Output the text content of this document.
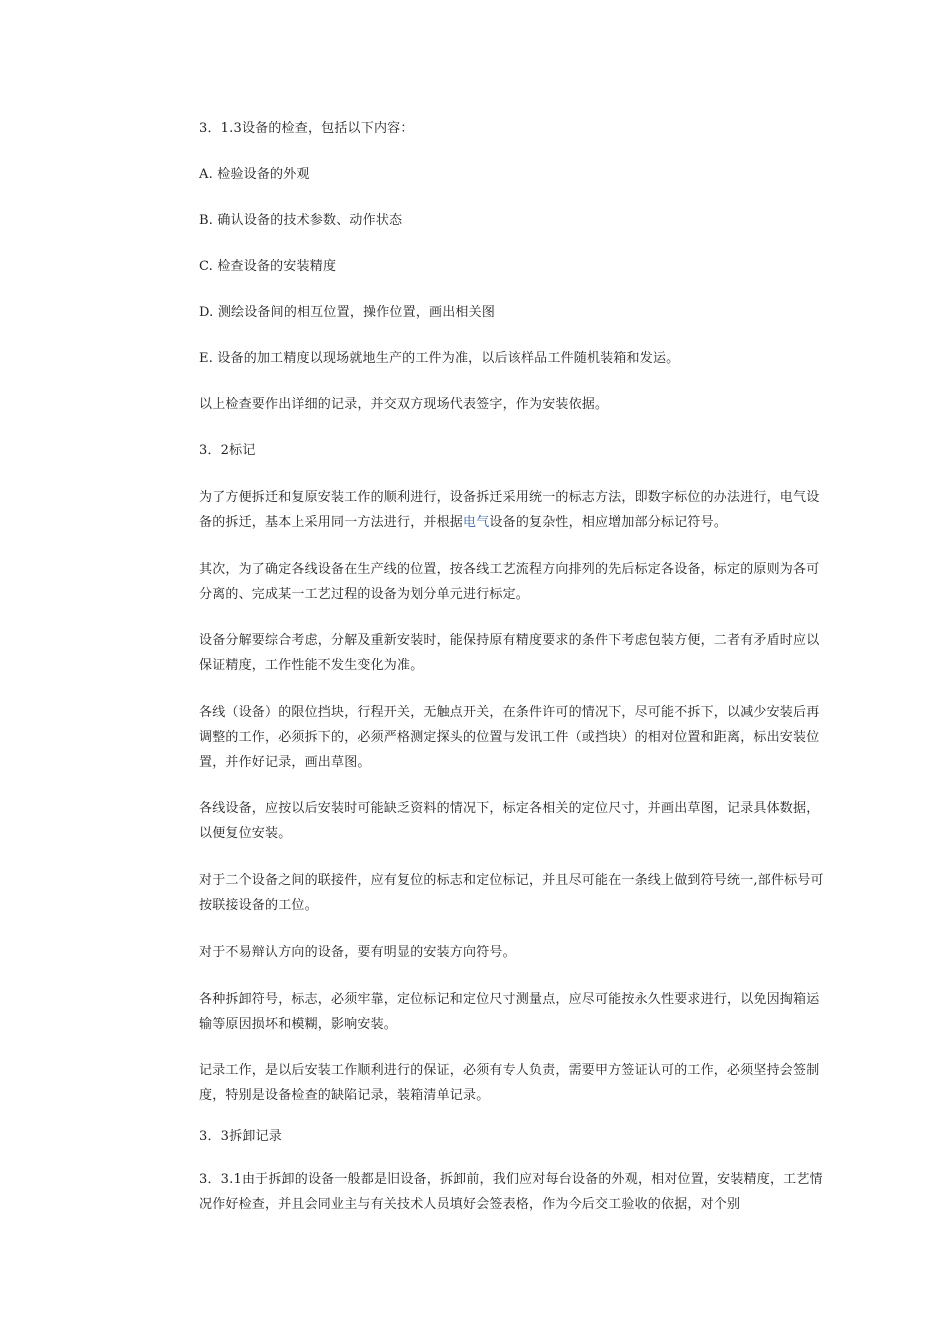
3．1.3设备的检查，包括以下内容：
A. 检验设备的外观
B. 确认设备的技术参数、动作状态
C. 检查设备的安装精度
D. 测绘设备间的相互位置，操作位置，画出相关图
E. 设备的加工精度以现场就地生产的工件为准，以后该样品工件随机装箱和发运。
以上检查要作出详细的记录，并交双方现场代表签字，作为安装依据。
3．2标记
为了方便拆迁和复原安装工作的顺利进行，设备拆迁采用统一的标志方法，即数字标位的办法进行，电气设备的拆迁，基本上采用同一方法进行，并根据电气设备的复杂性，相应增加部分标记符号。
其次，为了确定各线设备在生产线的位置，按各线工艺流程方向排列的先后标定各设备，标定的原则为各可分离的、完成某一工艺过程的设备为划分单元进行标定。
设备分解要综合考虑，分解及重新安装时，能保持原有精度要求的条件下考虑包装方便，二者有矛盾时应以保证精度，工作性能不发生变化为准。
各线（设备）的限位挡块，行程开关，无触点开关，在条件许可的情况下，尽可能不拆下，以减少安装后再调整的工作，必须拆下的，必须严格测定探头的位置与发讯工件（或挡块）的相对位置和距离，标出安装位置，并作好记录，画出草图。
各线设备，应按以后安装时可能缺乏资料的情况下，标定各相关的定位尺寸，并画出草图，记录具体数据，以便复位安装。
对于二个设备之间的联接件，应有复位的标志和定位标记，并且尽可能在一条线上做到符号统一,部件标号可按联接设备的工位。
对于不易辩认方向的设备，要有明显的安装方向符号。
各种拆卸符号，标志，必须牢靠，定位标记和定位尺寸测量点，应尽可能按永久性要求进行，以免因掏箱运输等原因损坏和模糊，影响安装。
记录工作，是以后安装工作顺利进行的保证，必须有专人负责，需要甲方签证认可的工作，必须坚持会签制度，特别是设备检查的缺陷记录，装箱清单记录。
3．3拆卸记录
3．3.1由于拆卸的设备一般都是旧设备，拆卸前，我们应对每台设备的外观，相对位置，安装精度，工艺情况作好检查，并且会同业主与有关技术人员填好会签表格，作为今后交工验收的依据，对个别
